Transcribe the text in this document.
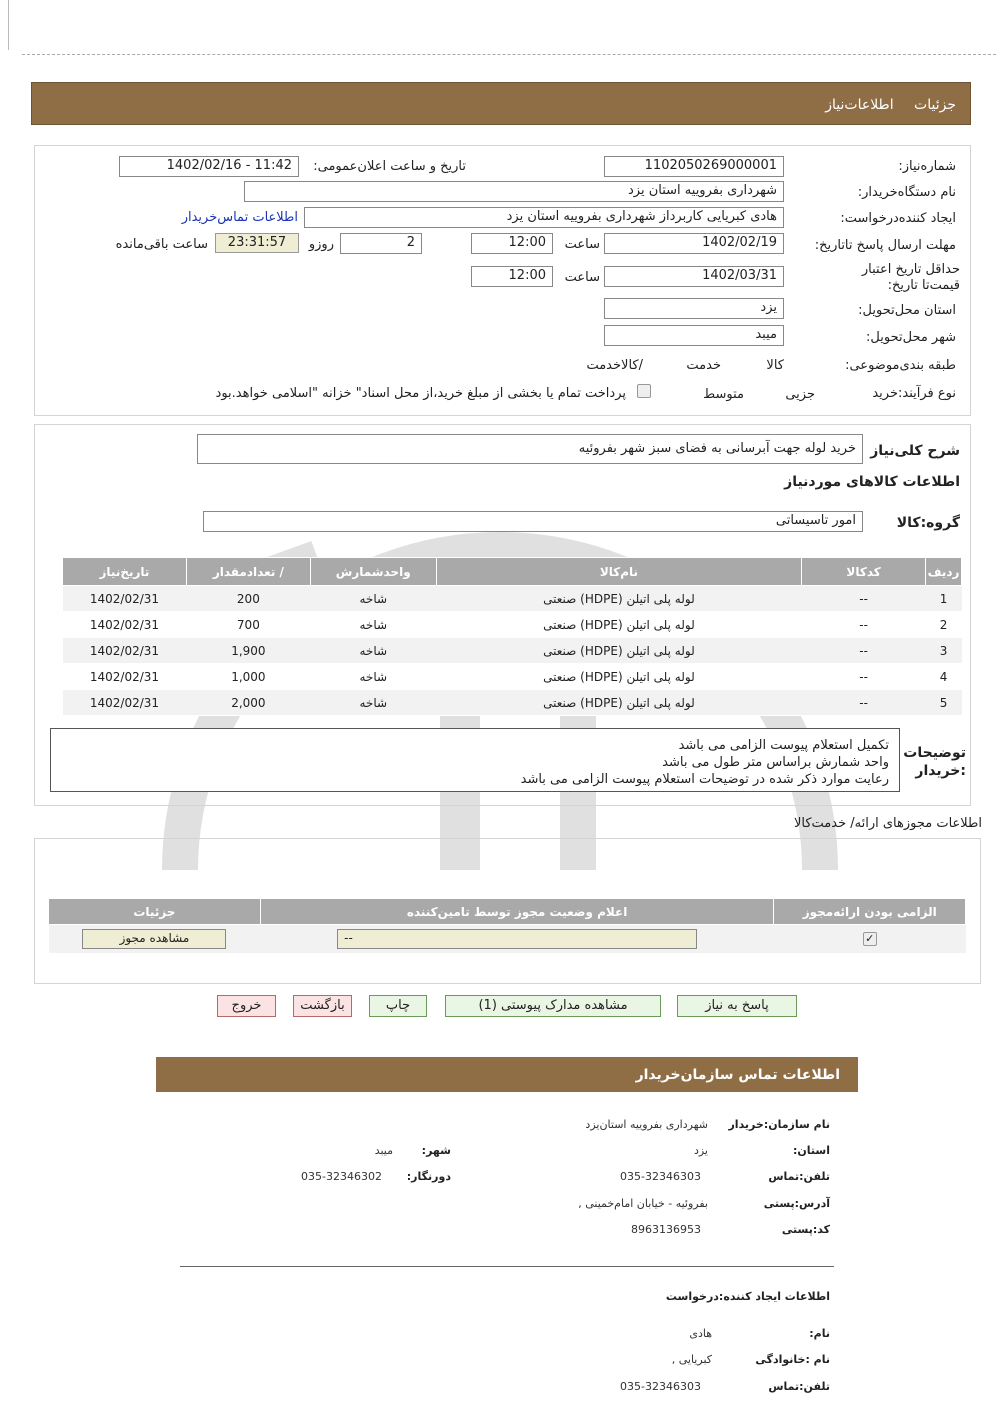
جزئیات اطلاعات‌نیاز
شماره‌نیاز:
1102050269000001
تاریخ و ساعت اعلان‌عمومی:
1402/02/16 - 11:42
نام دستگاه‌خریدار:
شهرداری بفروییه استان یزد
ایجاد کننده‌درخواست:
هادی کبریایی کاربرداز شهرداری بفروییه استان یزد
اطلاعات تماس‌خریدار
مهلت ارسال پاسخ تا‌تاریخ:
1402/02/19
ساعت
12:00
2
روزو
23:31:57
ساعت باقی‌مانده
حداقل تاریخ اعتبار قیمت‌تا تاریخ:
1402/03/31
ساعت
12:00
استان محل‌تحویل:
یزد
شهر محل‌تحویل:
میبد
طبقه بندی‌موضوعی:

کالا

خدمت

/کالاخدمت
نوع فرآیند:
خرید

جزیی
متوسط
پرداخت تمام یا بخشی از مبلغ خرید،از محل اسناد" خزانه "اسلامی خواهد.بود
شرح کلی‌نیاز
خرید لوله جهت آبرسانی به فضای سبز شهر بفروئیه
اطلاعات کالاهای موردنیاز
گروه:کالا
امور تاسیساتی
ردیف	کدکالا	نام‌کالا	واحدشمارش	/ تعدادمقدار	تاریخ‌نیاز
1	--	لوله پلی اتیلن (HDPE) صنعتی	شاخه	200	1402/02/31
2	--	لوله پلی اتیلن (HDPE) صنعتی	شاخه	700	1402/02/31
3	--	لوله پلی اتیلن (HDPE) صنعتی	شاخه	1,900	1402/02/31
4	--	لوله پلی اتیلن (HDPE) صنعتی	شاخه	1,000	1402/02/31
5	--	لوله پلی اتیلن (HDPE) صنعتی	شاخه	2,000	1402/02/31
توضیحات :خریدار
تکمیل استعلام پیوست الزامی می باشد
واحد شمارش براساس متر طول می باشد
رعایت موارد ذکر شده در توضیحات استعلام پیوست الزامی می باشد
اطلاعات مجوزهای ارائه/ خدمت‌کالا
الزامی بودن ارائه‌مجوز	اعلام وضعیت مجوز توسط تامین‌کننده	جزئیات
✓	--	مشاهده مجوز
پاسخ به نیاز
مشاهده مدارک پیوستی (1)
چاپ
بازگشت
خروج
اطلاعات تماس سازمان‌خریدار
نام سازمان:خریدار
شهرداری بفروییه استان‌یزد
استان:
یزد
شهر:
میبد
تلفن:تماس
035-32346303
دورنگار:
035-32346302
آدرس:پستی
بفروئیه - خیابان امام‌خمینی ,
کد:پستی
8963136953
اطلاعات ایجاد کننده:درخواست
نام:
هادی
نام :خانوادگی
کبریایی ,
تلفن:تماس
035-32346303
